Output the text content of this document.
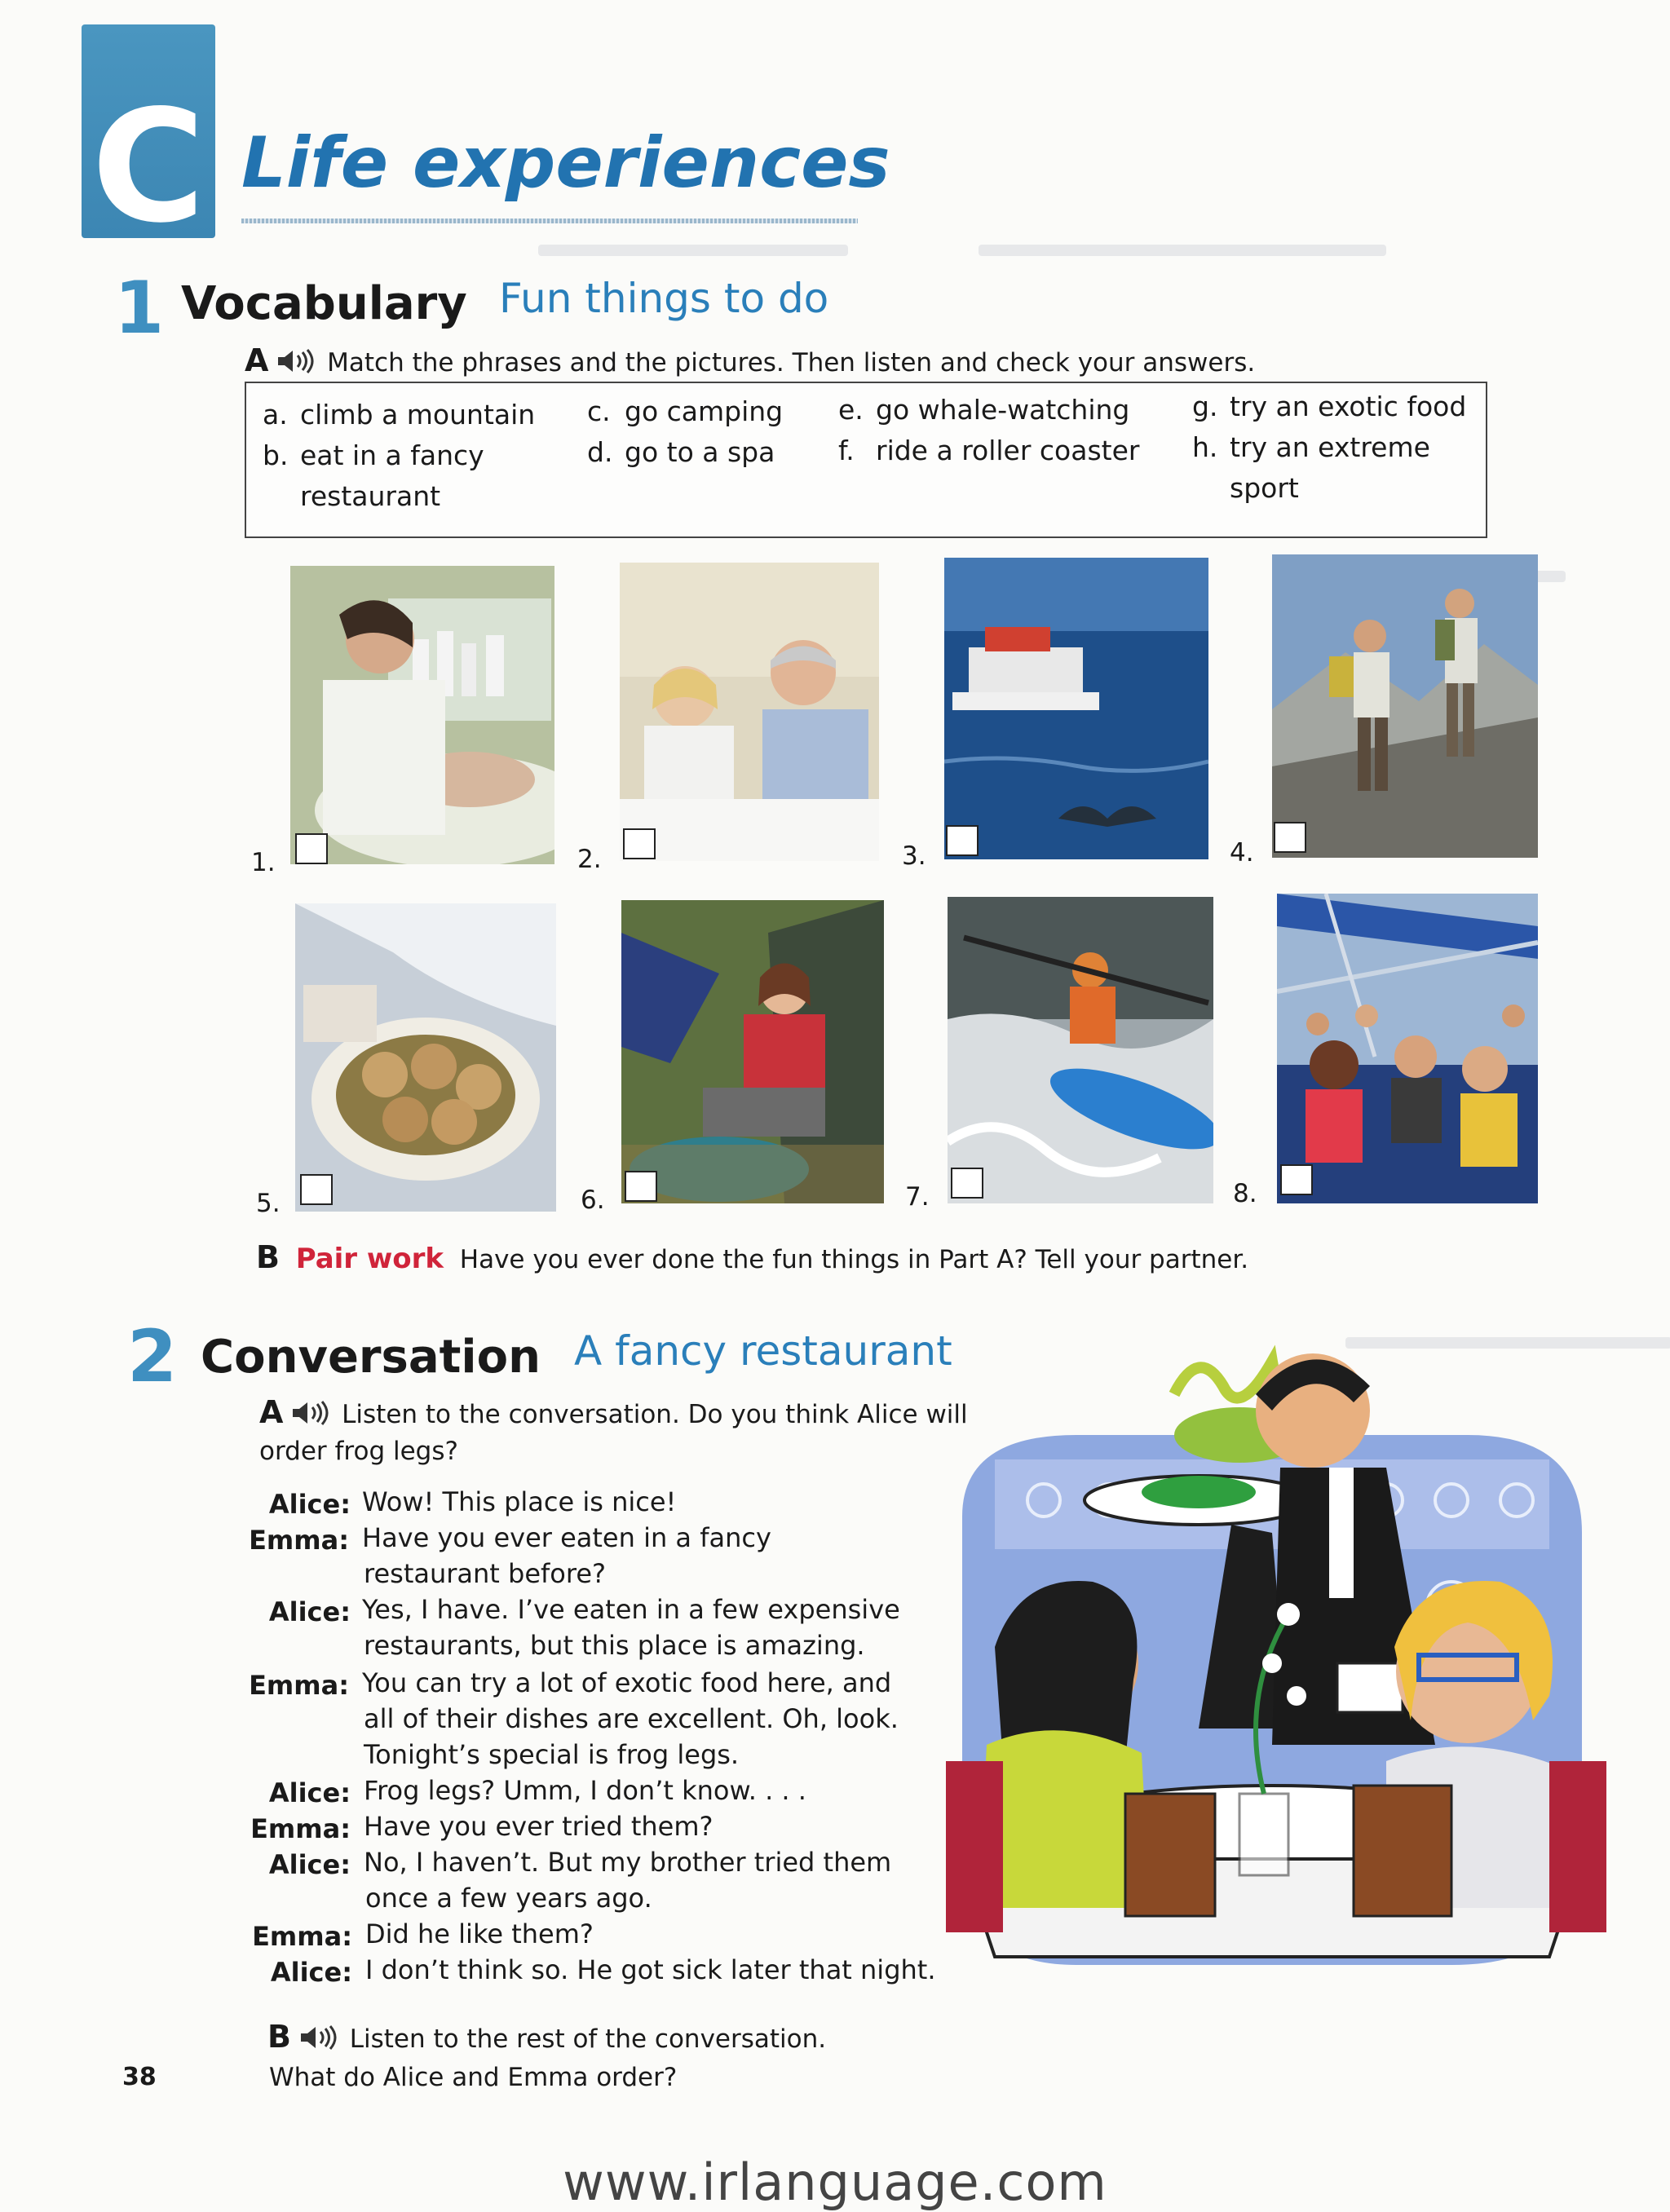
C Life experiences
1 Vocabulary Fun things to do
A Match the phrases and the pictures. Then listen and check your answers.
a. climb a mountain
b. eat in a fancy
restaurant
c. go camping
d. go to a spa
e. go whale-watching
f. ride a roller coaster
g. try an exotic food
h. try an extreme
sport
1.	2.	3.	4.
5.	6.	7.	8.
B Pair work Have you ever done the fun things in Part A? Tell your partner.
2 Conversation A fancy restaurant
A Listen to the conversation. Do you think Alice will
order frog legs?
Alice: Wow! This place is nice!
Emma: Have you ever eaten in a fancy
restaurant before?
Alice: Yes, I have. I’ve eaten in a few expensive
restaurants, but this place is amazing.
Emma: You can try a lot of exotic food here, and
all of their dishes are excellent. Oh, look.
Tonight’s special is frog legs.
Alice: Frog legs? Umm, I don’t know. . . .
Emma: Have you ever tried them?
Alice: No, I haven’t. But my brother tried them
once a few years ago.
Emma: Did he like them?
Alice: I don’t think so. He got sick later that night.
B Listen to the rest of the conversation.
What do Alice and Emma order?
38
www.irlanguage.com
